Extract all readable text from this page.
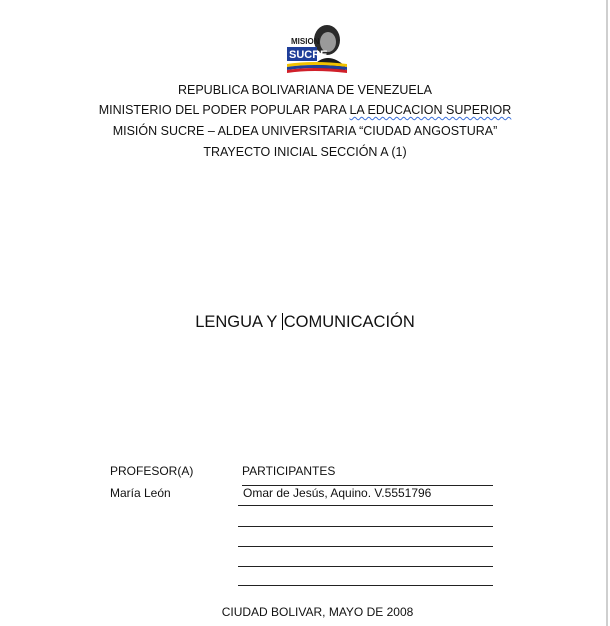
MISION
SUCRE
REPUBLICA BOLIVARIANA DE VENEZUELA
MINISTERIO DEL PODER POPULAR PARA LA EDUCACION SUPERIOR
MISIÓN SUCRE – ALDEA UNIVERSITARIA “CIUDAD ANGOSTURA”
TRAYECTO INICIAL SECCIÓN A (1)
LENGUA Y COMUNICACIÓN
PROFESOR(A)
María León
PARTICIPANTES
Omar de Jesús, Aquino. V.5551796
CIUDAD BOLIVAR, MAYO DE 2008
